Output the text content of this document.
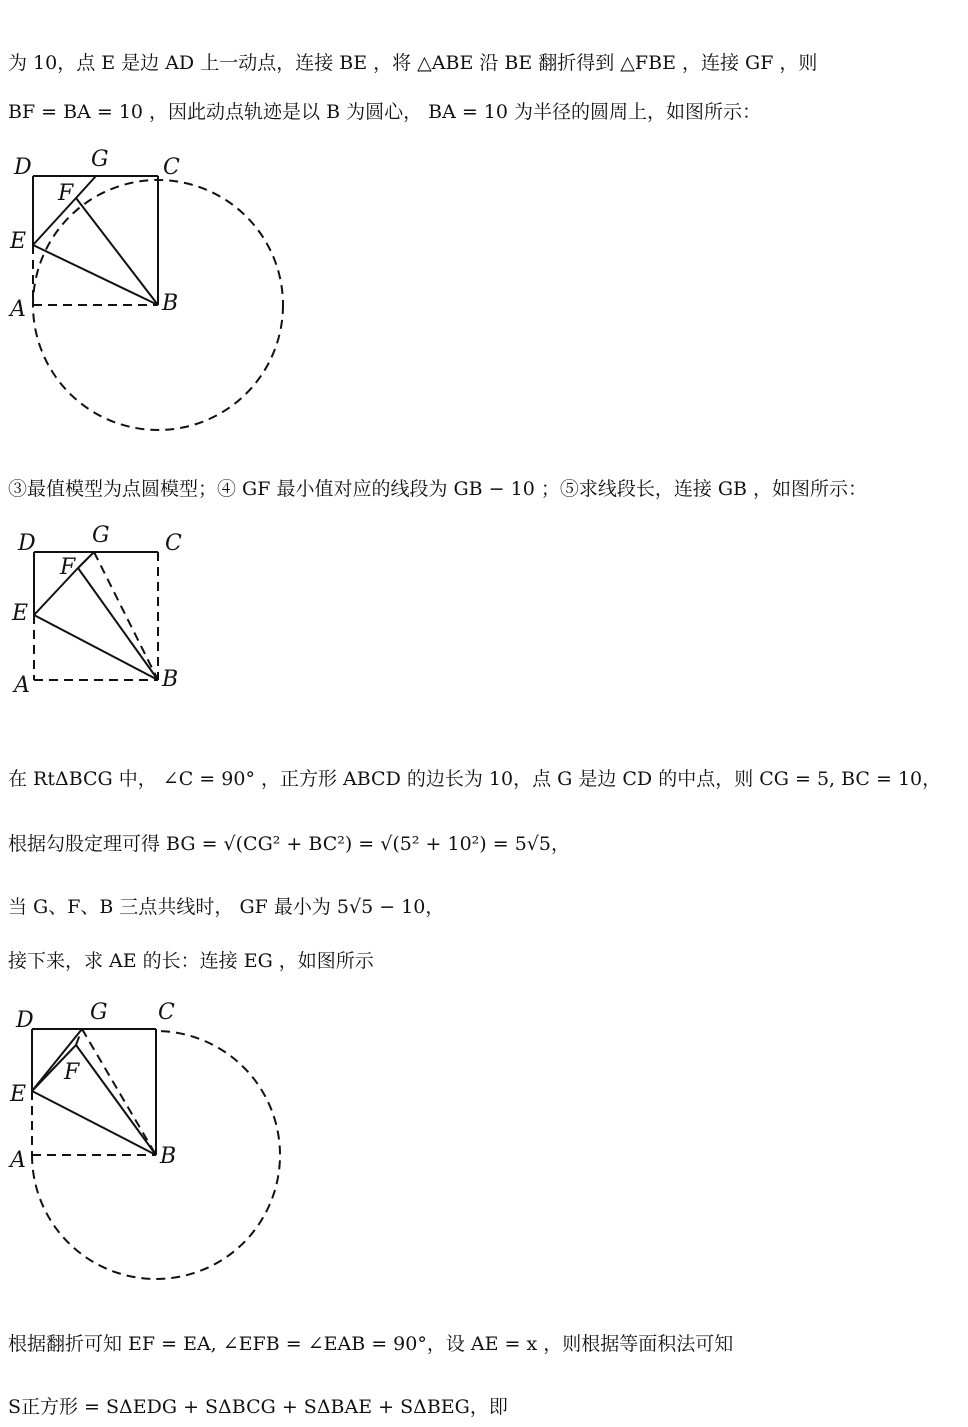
为 10，点 E 是边 AD 上一动点，连接 BE ，将 △ABE 沿 BE 翻折得到 △FBE ，连接 GF ，则
BF = BA = 10 ，因此动点轨迹是以 B 为圆心， BA = 10 为半径的圆周上，如图所示：
D	G C
F
E
A	B
③最值模型为点圆模型；④ GF 最小值对应的线段为 GB − 10 ；⑤求线段长，连接 GB ，如图所示：
D	G	C
F
E
A	B
在 RtΔBCG 中， ∠C = 90° ，正方形 ABCD 的边长为 10，点 G 是边 CD 的中点，则 CG = 5, BC = 10，
根据勾股定理可得 BG = √(CG² + BC²) = √(5² + 10²) = 5√5，
当 G、F、B 三点共线时， GF 最小为 5√5 − 10，
接下来，求 AE 的长：连接 EG ，如图所示
D	G C
F
E
A	B
根据翻折可知 EF = EA, ∠EFB = ∠EAB = 90°，设 AE = x ，则根据等面积法可知
S正方形 = SΔEDG + SΔBCG + SΔBAE + SΔBEG，即
